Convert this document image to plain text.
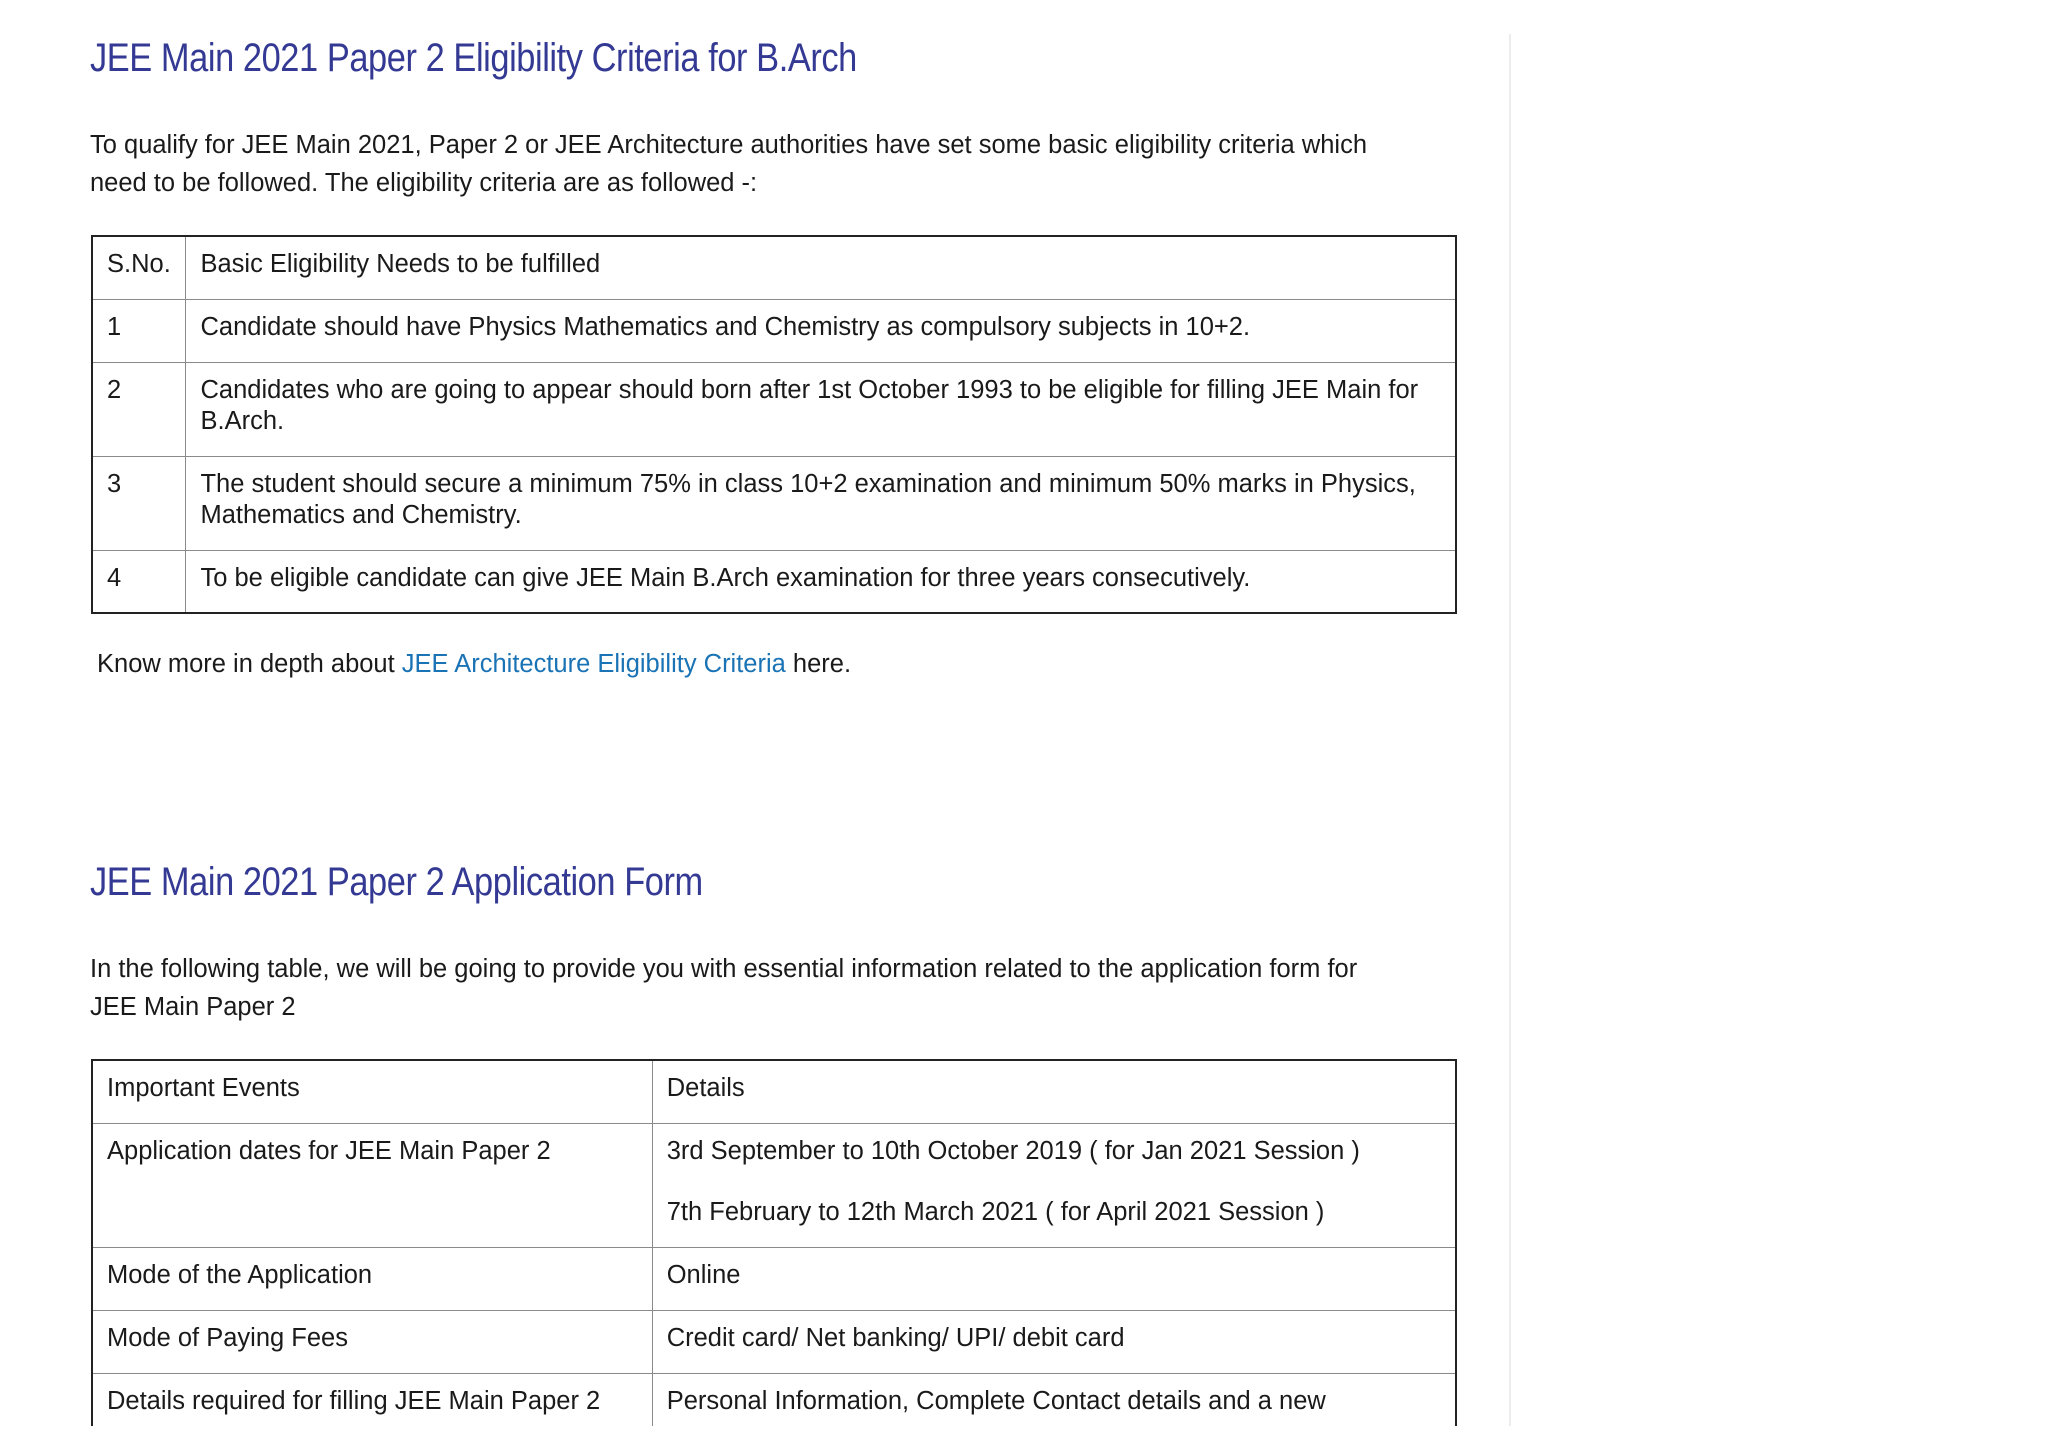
JEE Main 2021 Paper 2 Eligibility Criteria for B.Arch

To qualify for JEE Main 2021, Paper 2 or JEE Architecture authorities have set some basic eligibility criteria which
need to be followed. The eligibility criteria are as followed -:

S.No.	Basic Eligibility Needs to be fulfilled
1	Candidate should have Physics Mathematics and Chemistry as compulsory subjects in 10+2.
2	Candidates who are going to appear should born after 1st October 1993 to be eligible for filling JEE Main for B.Arch.
3	The student should secure a minimum 75% in class 10+2 examination and minimum 50% marks in Physics, Mathematics and Chemistry.
4	To be eligible candidate can give JEE Main B.Arch examination for three years consecutively.

Know more in depth about JEE Architecture Eligibility Criteria here.

JEE Main 2021 Paper 2 Application Form

In the following table, we will be going to provide you with essential information related to the application form for
JEE Main Paper 2

Important Events	Details
Application dates for JEE Main Paper 2	3rd September to 10th October 2019 ( for Jan 2021 Session )

7th February to 12th March 2021 ( for April 2021 Session )

Mode of the Application	Online
Mode of Paying Fees	Credit card/ Net banking/ UPI/ debit card
Details required for filling JEE Main Paper 2	Personal Information, Complete Contact details and a new
